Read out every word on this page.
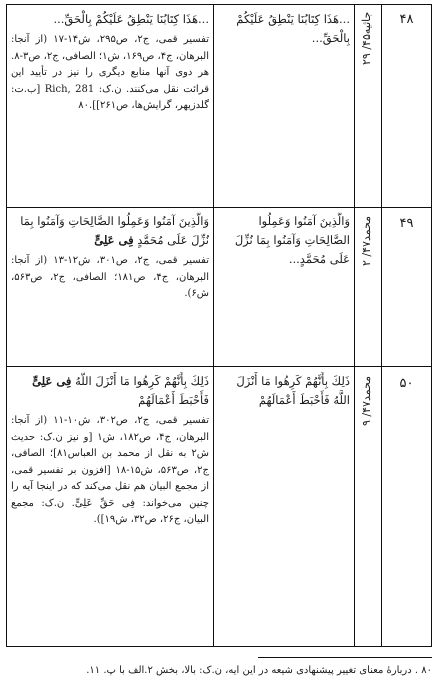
۴۸
جاثیه۴۵/ ۲۹
...هَذَا کِتَابُنَا یَنْطِقُ عَلَیْکُمْ بِالْحَقِّ...
...هَذَا کِتَابُنَا یَنْطِقُ عَلَیْکُمْ بِالْحَقِّ...
تفسیر قمی، ج۲، ص۲۹۵، ش۱۴-۱۷ (از آنجا: البرهان، ج۴، ص۱۶۹، ش۱؛ الصافی، ج۲، ص۳-۸. هر دوی آنها منابع دیگری را نیز در تأیید این قرائت نقل می‌کنند. ن.ک: Rich, 281 [ب.ت: گلدزیهر، گرایش‌ها، ص۲۶۱]].۸۰
۴۹
محمد۴۷/ ۲
وَالَّذِینَ آمَنُوا وَعَمِلُوا الصَّالِحَاتِ وَآمَنُوا بِمَا نُزِّلَ عَلَى مُحَمَّدٍ...
وَالَّذِینَ آمَنُوا وَعَمِلُوا الصَّالِحَاتِ وَآمَنُوا بِمَا نُزِّلَ عَلَى مُحَمَّدٍ فِی عَلِیٍّ
تفسیر قمی، ج۲، ص۳۰۱، ش۱۲-۱۳ (از آنجا: البرهان، ج۴، ص۱۸۱؛ الصافی، ج۲، ص۵۶۳، ش۶).
۵۰
محمد۴۷/ ۹
ذَلِكَ بِأَنَّهُمْ كَرِهُوا مَا أَنْزَلَ اللَّهُ فَأَحْبَطَ أَعْمَالَهُمْ
ذَلِكَ بِأَنَّهُمْ كَرِهُوا مَا أَنْزَلَ اللَّهُ فِی عَلِیٍّ فَأَحْبَطَ أَعْمَالَهُمْ
تفسیر قمی، ج۲، ص۳۰۲، ش۱۰-۱۱ (از آنجا: البرهان، ج۴، ص۱۸۲، ش۱ [و نیز ن.ک: حدیث ش۲ به نقل از محمد بن العباس۸۱]؛ الصافی، ج۲، ص۵۶۳، ش۱۵-۱۸ [افزون بر تفسیر قمی، از مجمع البیان هم نقل می‌کند که در اینجا آیه را چنین می‌خواند: فِی حَقِّ عَلِیٍّ. ن.ک: مجمع البیان، ج۲۶، ص۳۲، ش۱۹]).
۸۰ . دربارهٔ معنای تغییر پیشنهادی شیعه در این آیه، ن.ک: بالا، بخش ۲.الف با پ. ۱۱.
